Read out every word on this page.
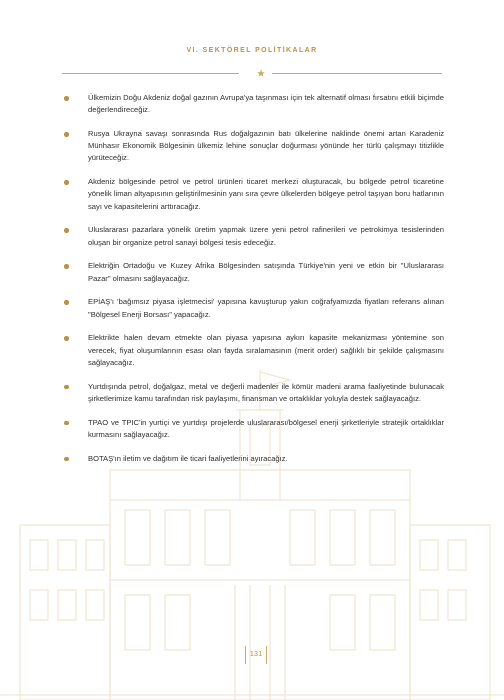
VI. SEKTÖREL POLİTİKALAR
Ülkemizin Doğu Akdeniz doğal gazının Avrupa'ya taşınması için tek alternatif olması fırsatını etkili biçimde değerlendireceğiz.
Rusya Ukrayna savaşı sonrasında Rus doğalgazının batı ülkelerine naklinde önemi artan Karadeniz Münhasır Ekonomik Bölgesinin ülkemiz lehine sonuçlar doğurması yönünde her türlü çalışmayı titizlikle yürüteceğiz.
Akdeniz bölgesinde petrol ve petrol ürünleri ticaret merkezi oluşturacak, bu bölgede petrol ticaretine yönelik liman altyapısının geliştirilmesinin yanı sıra çevre ülkelerden bölgeye petrol taşıyan boru hatlarının sayı ve kapasitelerini arttıracağız.
Uluslararası pazarlara yönelik üretim yapmak üzere yeni petrol rafinerileri ve petrokimya tesislerinden oluşan bir organize petrol sanayi bölgesi tesis edeceğiz.
Elektriğin Ortadoğu ve Kuzey Afrika Bölgesinden satışında Türkiye'nin yeni ve etkin bir "Uluslararası Pazar" olmasını sağlayacağız.
EPİAŞ'ı 'bağımsız piyasa işletmecisi' yapısına kavuşturup yakın coğrafyamızda fiyatları referans alınan "Bölgesel Enerji Borsası" yapacağız.
Elektrikte halen devam etmekte olan piyasa yapısına aykırı kapasite mekanizması yöntemine son verecek, fiyat oluşumlarının esası olan fayda sıralamasının (merit order) sağlıklı bir şekilde çalışmasını sağlayacağız.
Yurtdışında petrol, doğalgaz, metal ve değerli madenler ile kömür madeni arama faaliyetinde bulunacak şirketlerimize kamu tarafından risk paylaşımı, finansman ve ortaklıklar yoluyla destek sağlayacağız.
TPAO ve TPIC'in yurtiçi ve yurtdışı projelerde uluslararası/bölgesel enerji şirketleriyle stratejik ortaklıklar kurmasını sağlayacağız.
BOTAŞ'ın iletim ve dağıtım ile ticari faaliyetlerini ayıracağız.
131
